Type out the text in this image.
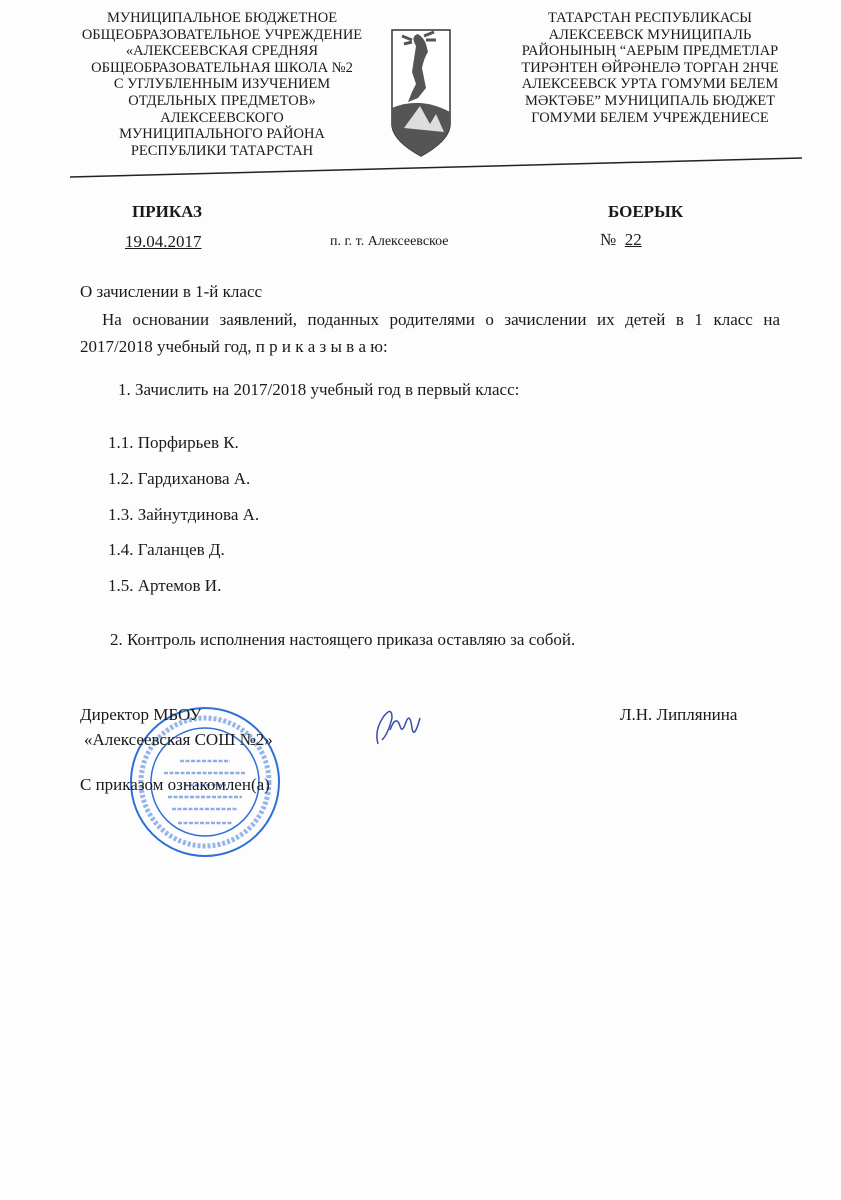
МУНИЦИПАЛЬНОЕ БЮДЖЕТНОЕ
ОБЩЕОБРАЗОВАТЕЛЬНОЕ УЧРЕЖДЕНИЕ
«АЛЕКСЕЕВСКАЯ СРЕДНЯЯ
ОБЩЕОБРАЗОВАТЕЛЬНАЯ ШКОЛА №2
С УГЛУБЛЕННЫМ ИЗУЧЕНИЕМ
ОТДЕЛЬНЫХ ПРЕДМЕТОВ»
АЛЕКСЕЕВСКОГО
МУНИЦИПАЛЬНОГО РАЙОНА
РЕСПУБЛИКИ ТАТАРСТАН
ТАТАРСТАН РЕСПУБЛИКАСЫ
АЛЕКСЕЕВСК МУНИЦИПАЛЬ
РАЙОНЫНЫҢ “АЕРЫМ ПРЕДМЕТЛАР
ТИРӘНТЕН ӨЙРӘНЕЛӘ ТОРГАН 2НЧЕ
АЛЕКСЕЕВСК УРТА ГОМУМИ БЕЛЕМ
МӘКТӘБЕ” МУНИЦИПАЛЬ БЮДЖЕТ
ГОМУМИ БЕЛЕМ УЧРЕЖДЕНИЕСЕ
ПРИКАЗ
19.04.2017	п. г. т. Алексеевское
БОЕРЫК
№ 22
О зачислении в 1-й класс
На основании заявлений, поданных родителями о зачислении их детей в 1 класс на 2017/2018 учебный год, п р и к а з ы в а ю:
1. Зачислить на 2017/2018 учебный год в первый класс:
1.1. Порфирьев К.
1.2. Гардиханова А.
1.3. Зайнутдинова А.
1.4. Галанцев Д.
1.5. Артемов И.
2. Контроль исполнения настоящего приказа оставляю за собой.
Директор МБОУ
«Алексеевская СОШ №2»
С приказом ознакомлен(а)
Л.Н. Липлянина
